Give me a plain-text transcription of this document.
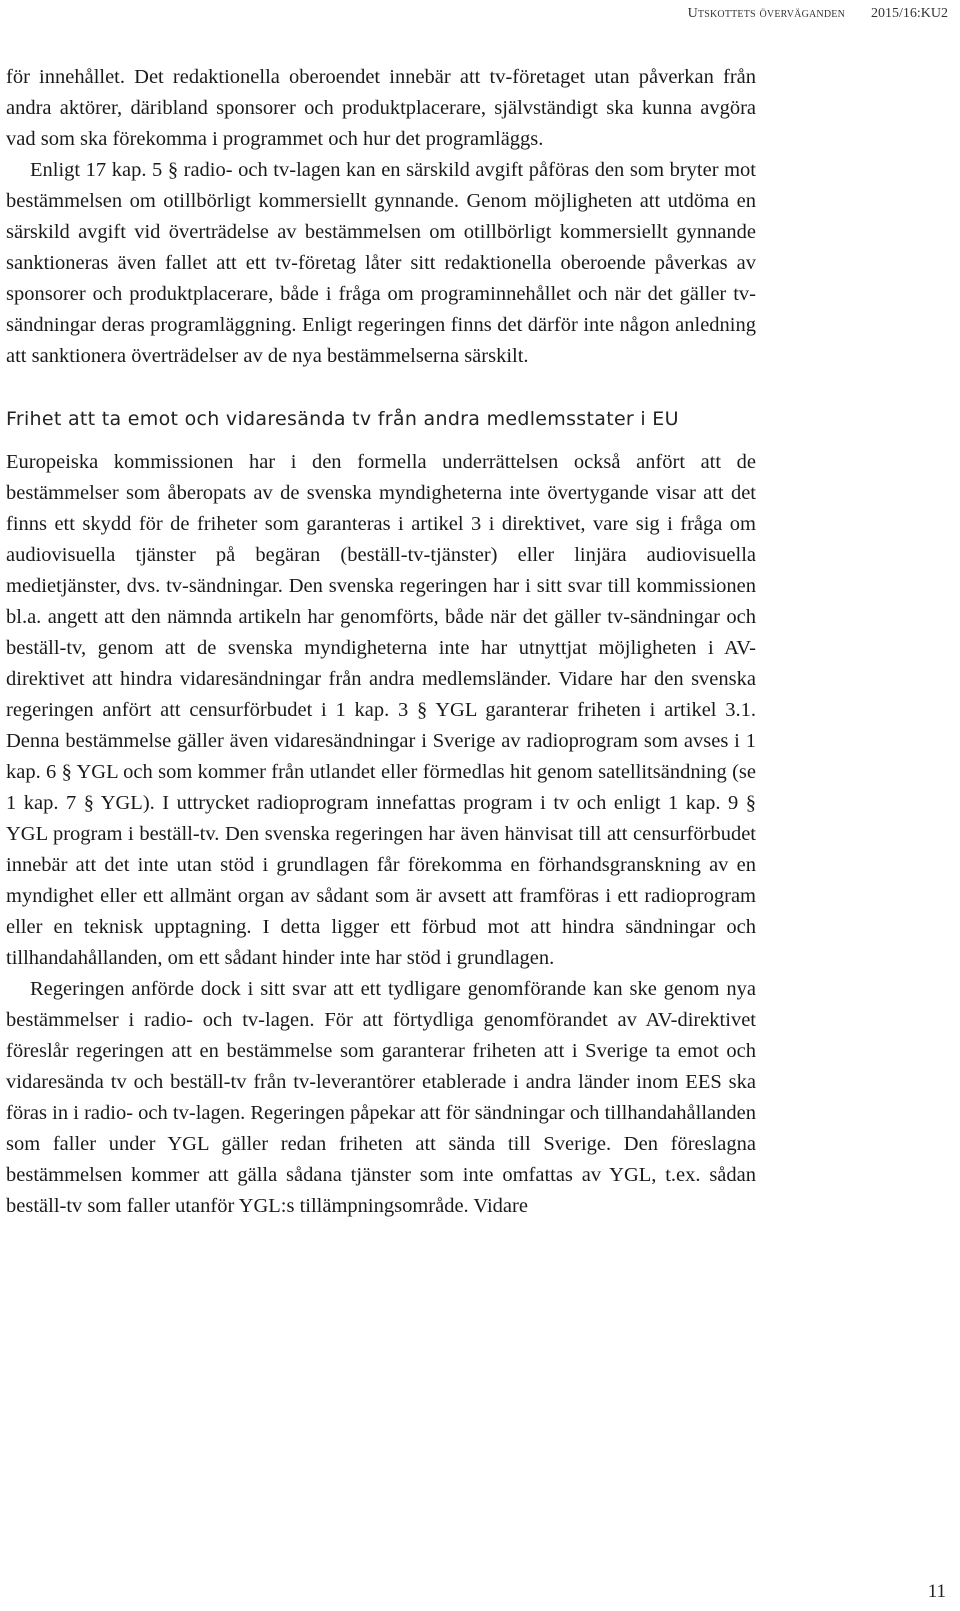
Utskottets överväganden 2015/16:KU2

för innehållet. Det redaktionella oberoendet innebär att tv-företaget utan påverkan från andra aktörer, däribland sponsorer och produktplacerare, självständigt ska kunna avgöra vad som ska förekomma i programmet och hur det programläggs.

Enligt 17 kap. 5 § radio- och tv-lagen kan en särskild avgift påföras den som bryter mot bestämmelsen om otillbörligt kommersiellt gynnande. Genom möjligheten att utdöma en särskild avgift vid överträdelse av bestämmelsen om otillbörligt kommersiellt gynnande sanktioneras även fallet att ett tv-företag låter sitt redaktionella oberoende påverkas av sponsorer och produktplacerare, både i fråga om programinnehållet och när det gäller tv-sändningar deras programläggning. Enligt regeringen finns det därför inte någon anledning att sanktionera överträdelser av de nya bestämmelserna särskilt.

Frihet att ta emot och vidaresända tv från andra medlemsstater i EU

Europeiska kommissionen har i den formella underrättelsen också anfört att de bestämmelser som åberopats av de svenska myndigheterna inte övertygande visar att det finns ett skydd för de friheter som garanteras i artikel 3 i direktivet, vare sig i fråga om audiovisuella tjänster på begäran (beställ-tv-tjänster) eller linjära audiovisuella medietjänster, dvs. tv-sändningar. Den svenska regeringen har i sitt svar till kommissionen bl.a. angett att den nämnda artikeln har genomförts, både när det gäller tv-sändningar och beställ-tv, genom att de svenska myndigheterna inte har utnyttjat möjligheten i AV-direktivet att hindra vidaresändningar från andra medlemsländer. Vidare har den svenska regeringen anfört att censurförbudet i 1 kap. 3 § YGL garanterar friheten i artikel 3.1. Denna bestämmelse gäller även vidaresändningar i Sverige av radioprogram som avses i 1 kap. 6 § YGL och som kommer från utlandet eller förmedlas hit genom satellitsändning (se 1 kap. 7 § YGL). I uttrycket radioprogram innefattas program i tv och enligt 1 kap. 9 § YGL program i beställ-tv. Den svenska regeringen har även hänvisat till att censurförbudet innebär att det inte utan stöd i grundlagen får förekomma en förhandsgranskning av en myndighet eller ett allmänt organ av sådant som är avsett att framföras i ett radioprogram eller en teknisk upptagning. I detta ligger ett förbud mot att hindra sändningar och tillhandahållanden, om ett sådant hinder inte har stöd i grundlagen.

Regeringen anförde dock i sitt svar att ett tydligare genomförande kan ske genom nya bestämmelser i radio- och tv-lagen. För att förtydliga genomförandet av AV-direktivet föreslår regeringen att en bestämmelse som garanterar friheten att i Sverige ta emot och vidaresända tv och beställ-tv från tv-leverantörer etablerade i andra länder inom EES ska föras in i radio- och tv-lagen. Regeringen påpekar att för sändningar och tillhandahållanden som faller under YGL gäller redan friheten att sända till Sverige. Den föreslagna bestämmelsen kommer att gälla sådana tjänster som inte omfattas av YGL, t.ex. sådan beställ-tv som faller utanför YGL:s tillämpningsområde. Vidare

11
